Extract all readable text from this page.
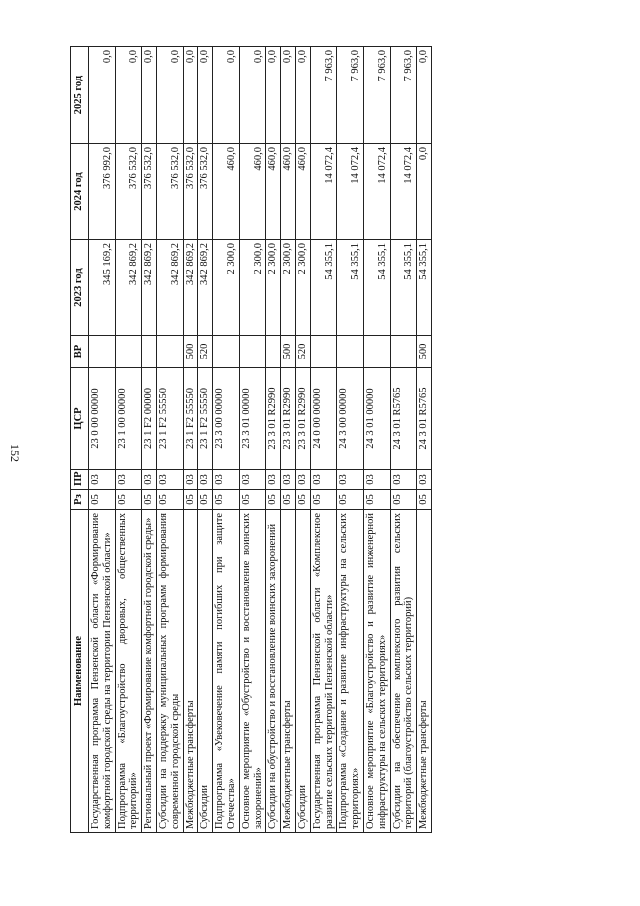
152
Наименование	Рз	ПР	ЦСР	ВР	2023 год	2024 год	2025 год
Государственная программа Пензенской области «Формирование комфортной городской среды на территории Пензенской области»	05	03	23 0 00 00000		345 169,2	376 992,0	0,0
Подпрограмма «Благоустройство дворовых, общественных территорий»	05	03	23 1 00 00000		342 869,2	376 532,0	0,0
Региональный проект «Формирование комфортной городской среды»	05	03	23 1 F2 00000		342 869,2	376 532,0	0,0
Субсидии на поддержку муниципальных программ формирования современной городской среды	05	03	23 1 F2 55550		342 869,2	376 532,0	0,0
Межбюджетные трансферты	05	03	23 1 F2 55550	500	342 869,2	376 532,0	0,0
Субсидии	05	03	23 1 F2 55550	520	342 869,2	376 532,0	0,0
Подпрограмма «Увековечение памяти погибших при защите Отечества»	05	03	23 3 00 00000		2 300,0	460,0	0,0
Основное мероприятие «Обустройство и восстановление воинских захоронений»	05	03	23 3 01 00000		2 300,0	460,0	0,0
Субсидии на обустройство и восстановление воинских захоронений	05	03	23 3 01 R2990		2 300,0	460,0	0,0
Межбюджетные трансферты	05	03	23 3 01 R2990	500	2 300,0	460,0	0,0
Субсидии	05	03	23 3 01 R2990	520	2 300,0	460,0	0,0
Государственная программа Пензенской области «Комплексное развитие сельских территорий Пензенской области»	05	03	24 0 00 00000		54 355,1	14 072,4	7 963,0
Подпрограмма «Создание и развитие инфраструктуры на сельских территориях»	05	03	24 3 00 00000		54 355,1	14 072,4	7 963,0
Основное мероприятие «Благоустройство и развитие инженерной инфраструктуры на сельских территориях»	05	03	24 3 01 00000		54 355,1	14 072,4	7 963,0
Субсидии на обеспечение комплексного развития сельских территорий (благоустройство сельских территорий)	05	03	24 3 01 R5765		54 355,1	14 072,4	7 963,0
Межбюджетные трансферты	05	03	24 3 01 R5765	500	54 355,1	0,0	0,0
